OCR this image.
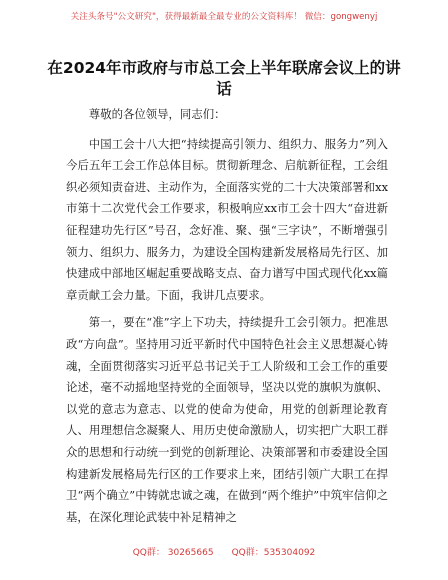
关注头条号"公文研究"，获得最新最全最专业的公文资料库！ 微信：gongwenyj
在2024年市政府与市总工会上半年联席会议上的讲话

尊敬的各位领导，同志们：

中国工会十八大把“持续提高引领力、组织力、服务力”列入今后五年工会工作总体目标。贯彻新理念、启航新征程，工会组织必须知责奋进、主动作为，全面落实党的二十大决策部署和xx市第十二次党代会工作要求，积极响应xx市工会十四大“奋进新征程建功先行区”号召，念好准、聚、强“三字诀”，不断增强引领力、组织力、服务力，为建设全国构建新发展格局先行区、加快建成中部地区崛起重要战略支点、奋力谱写中国式现代化xx篇章贡献工会力量。下面，我讲几点要求。

第一，要在“准”字上下功夫，持续提升工会引领力。把准思政“方向盘”。坚持用习近平新时代中国特色社会主义思想凝心铸魂，全面贯彻落实习近平总书记关于工人阶级和工会工作的重要论述，毫不动摇地坚持党的全面领导，坚决以党的旗帜为旗帜、以党的意志为意志、以党的使命为使命，用党的创新理论教育人、用理想信念凝聚人、用历史使命激励人，切实把广大职工群众的思想和行动统一到党的创新理论、决策部署和市委建设全国构建新发展格局先行区的工作要求上来，团结引领广大职工在捍卫“两个确立”中铸就忠诚之魂，在做到“两个维护”中筑牢信仰之基，在深化理论武装中补足精神之

QQ群： 30265665 QQ群：535304092
